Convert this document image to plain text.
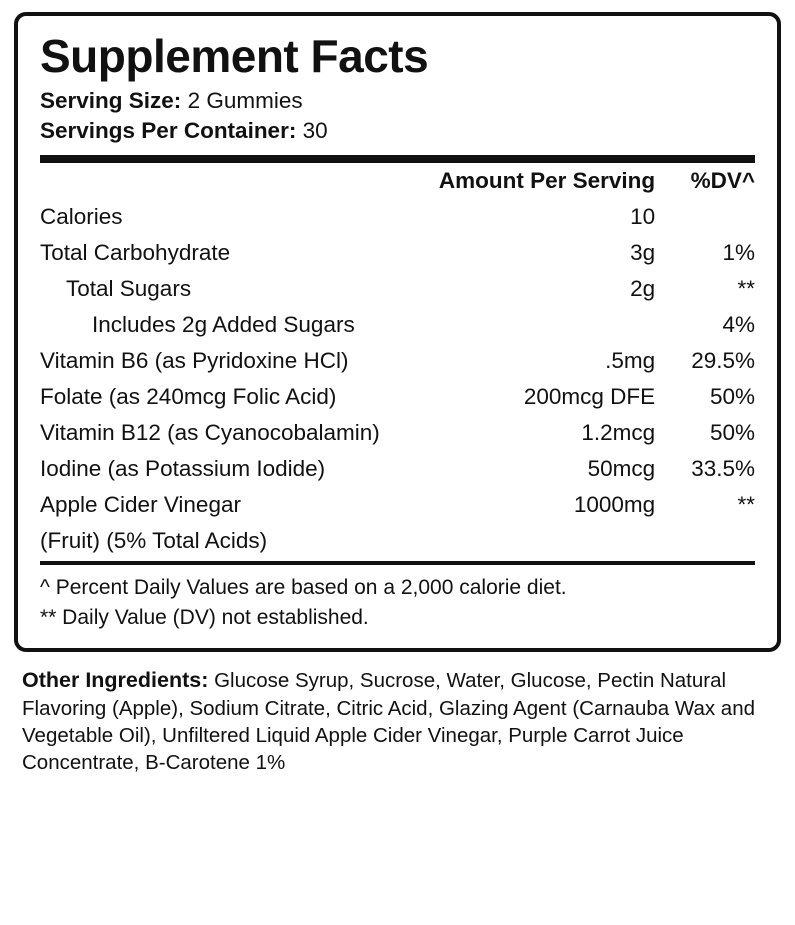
Supplement Facts
Serving Size: 2 Gummies
Servings Per Container: 30
	Amount Per Serving	%DV^
Calories	10	
Total Carbohydrate	3g	1%
Total Sugars	2g	**
Includes 2g Added Sugars		4%
Vitamin B6 (as Pyridoxine HCl)	.5mg	29.5%
Folate (as 240mcg Folic Acid)	200mcg DFE	50%
Vitamin B12 (as Cyanocobalamin)	1.2mcg	50%
Iodine (as Potassium Iodide)	50mcg	33.5%
Apple Cider Vinegar	1000mg	**
(Fruit) (5% Total Acids)		
^ Percent Daily Values are based on a 2,000 calorie diet.
** Daily Value (DV) not established.
Other Ingredients: Glucose Syrup, Sucrose, Water, Glucose, Pectin Natural Flavoring (Apple), Sodium Citrate, Citric Acid, Glazing Agent (Carnauba Wax and Vegetable Oil), Unfiltered Liquid Apple Cider Vinegar, Purple Carrot Juice Concentrate, B-Carotene 1%
